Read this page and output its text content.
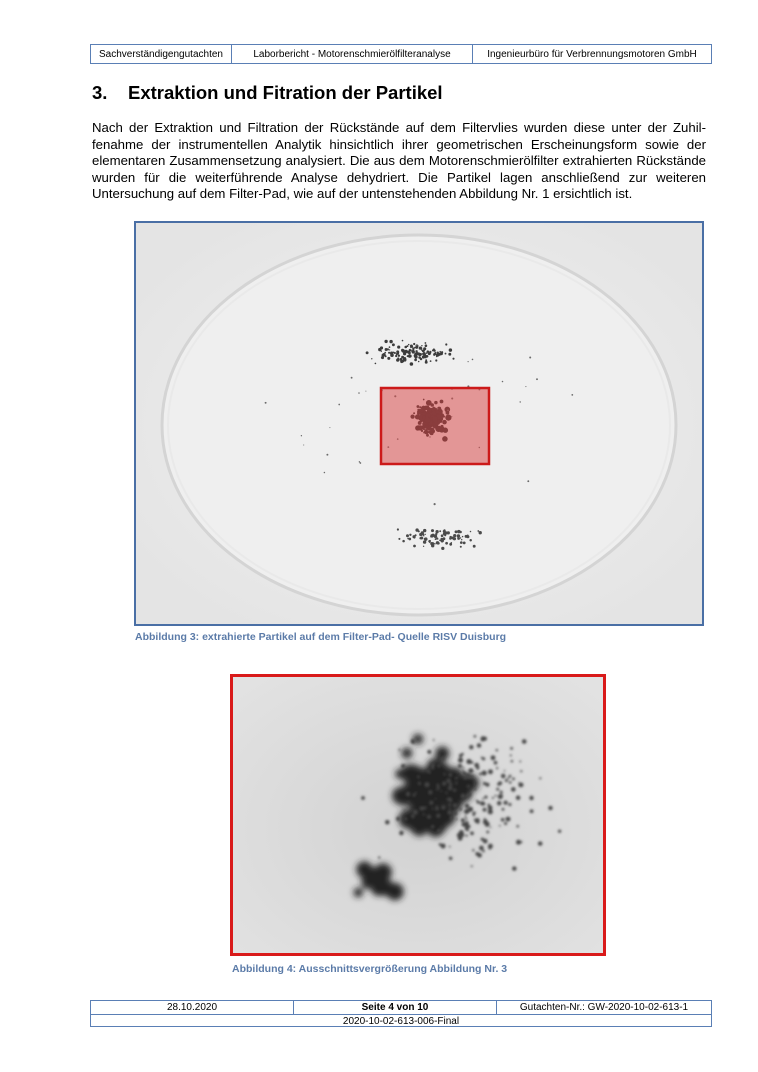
Sachverständigengutachten	Laborbericht - Motorenschmierölfilteranalyse	Ingenieurbüro für Verbrennungsmotoren GmbH
3. Extraktion und Fitration der Partikel

Nach der Extraktion und Filtration der Rückstände auf dem Filtervlies wurden diese unter der Zuhilfenahme der instrumentellen Analytik hinsichtlich ihrer geometrischen Erscheinungsform sowie der elementaren Zusammensetzung analysiert. Die aus dem Motorenschmierölfilter extrahierten Rückstände wurden für die weiterführende Analyse dehydriert. Die Partikel lagen anschließend zur weiteren Untersuchung auf dem Filter-Pad, wie auf der untenstehenden Abbildung Nr. 1 ersichtlich ist.

Abbildung 3: extrahierte Partikel auf dem Filter-Pad- Quelle RISV Duisburg
Abbildung 4: Ausschnittsvergrößerung Abbildung Nr. 3
28.10.2020	Seite 4 von 10	Gutachten-Nr.: GW-2020-10-02-613-1
2020-10-02-613-006-Final
